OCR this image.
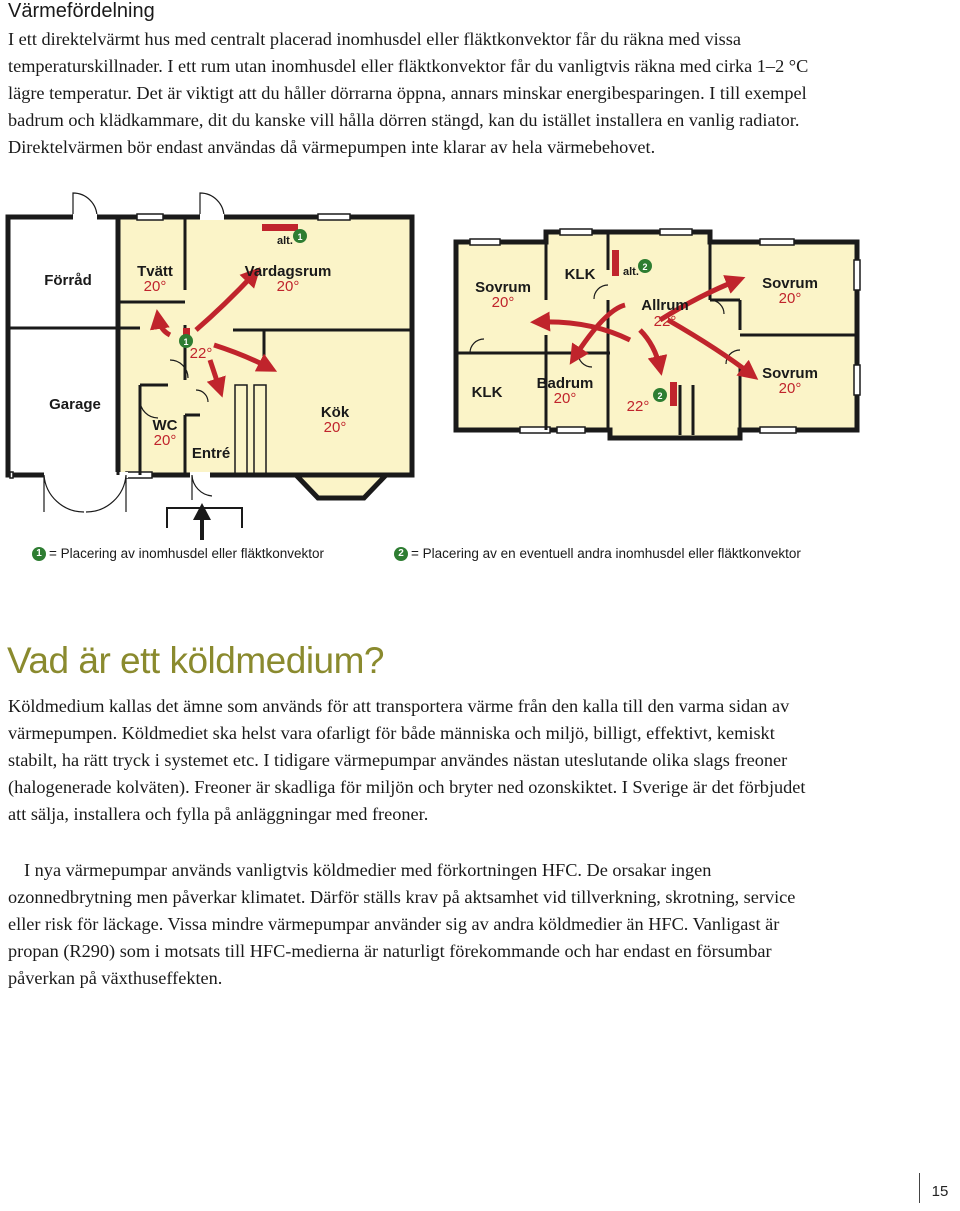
Värmefördelning

I ett direktelvärmt hus med centralt placerad inomhusdel eller fläktkonvektor får du räkna med vissa temperaturskillnader. I ett rum utan inomhusdel eller fläktkonvektor får du vanligtvis räkna med cirka 1–2 °C lägre temperatur. Det är viktigt att du håller dörrarna öppna, annars minskar energibesparingen. I till exempel badrum och klädkammare, dit du kanske vill hålla dörren stängd, kan du istället installera en vanlig radiator. Direktelvärmen bör endast användas då värmepumpen inte klarar av hela värmebehovet.

Förråd
Garage
Tvätt
20°
Vardagsrum
20°
22°
WC
20°
Entré
Kök
20°
alt. 1
1
Sovrum
20°
KLK
Allrum
22°
Sovrum
20°
KLK
Badrum
20°	22°
Sovrum
20°
alt. 2
2
1 = Placering av inomhusdel eller fläktkonvektor	2 = Placering av en eventuell andra inomhusdel eller fläktkonvektor
Vad är ett köldmedium?

Köldmedium kallas det ämne som används för att transportera värme från den kalla till den varma sidan av värmepumpen. Köldmediet ska helst vara ofarligt för både människa och miljö, billigt, effektivt, kemiskt stabilt, ha rätt tryck i systemet etc. I tidigare värmepumpar användes nästan uteslutande olika slags freoner (halogenerade kolväten). Freoner är skadliga för miljön och bryter ned ozonskiktet. I Sverige är det förbjudet att sälja, installera och fylla på anläggningar med freoner.

I nya värmepumpar används vanligtvis köldmedier med förkortningen HFC. De orsakar ingen ozonnedbrytning men påverkar klimatet. Därför ställs krav på aktsamhet vid tillverkning, skrotning, service eller risk för läckage. Vissa mindre värmepumpar använder sig av andra köldmedier än HFC. Vanligast är propan (R290) som i motsats till HFC-medierna är naturligt förekommande och har endast en försumbar påverkan på växthuseffekten.

15
